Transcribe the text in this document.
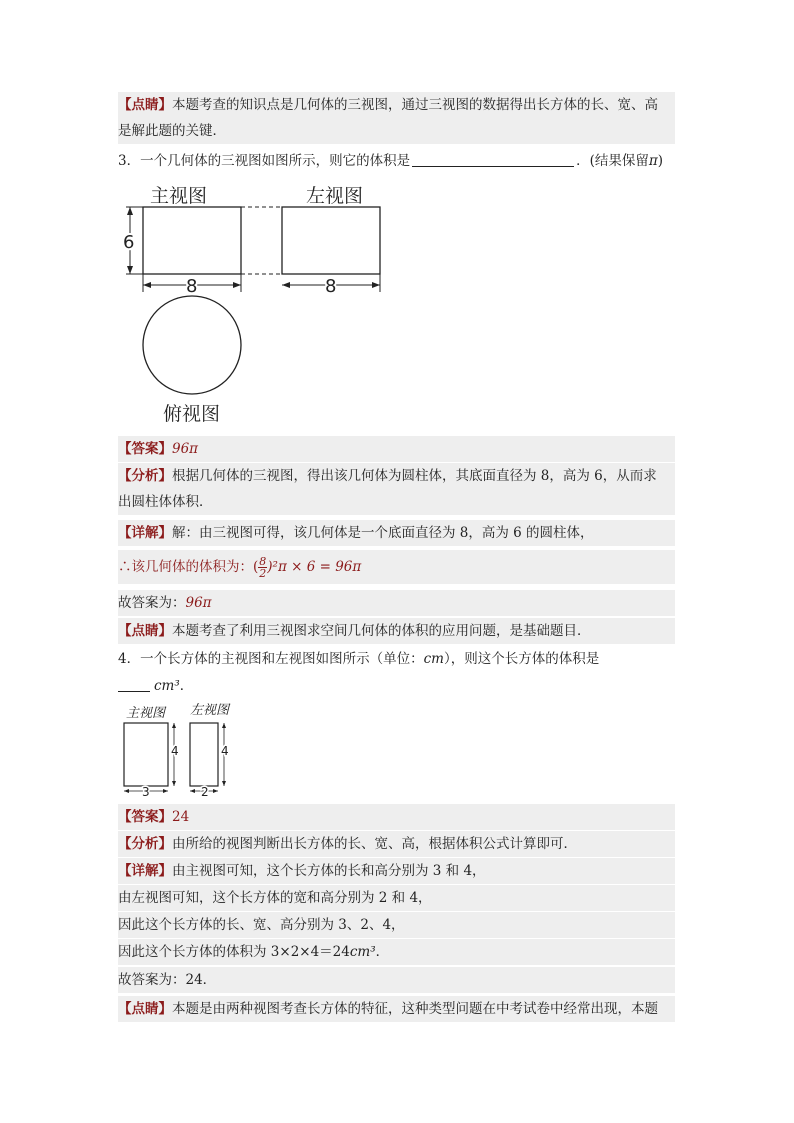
【点睛】本题考查的知识点是几何体的三视图，通过三视图的数据得出长方体的长、宽、高
是解此题的关键．
3．一个几何体的三视图如图所示，则它的体积是	．(结果保留π)
主视图	左视图
6
8	8
俯视图
【答案】96π
【分析】根据几何体的三视图，得出该几何体为圆柱体，其底面直径为 8，高为 6，从而求
出圆柱体体积．
【详解】解：由三视图可得，该几何体是一个底面直径为 8，高为 6 的圆柱体，
∴该几何体的体积为：( $\frac{8}{2} )^2\pi \times 6 = 96\pi$
故答案为：96π
【点睛】本题考查了利用三视图求空间几何体的体积的应用问题，是基础题目．
4．一个长方体的主视图和左视图如图所示（单位：cm），则这个长方体的体积是
cm³．
主视图 左视图
4
3
4
2
【答案】24
【分析】由所给的视图判断出长方体的长、宽、高，根据体积公式计算即可．
【详解】由主视图可知，这个长方体的长和高分别为 3 和 4，
由左视图可知，这个长方体的宽和高分别为 2 和 4，
因此这个长方体的长、宽、高分别为 3、2、4，
因此这个长方体的体积为 3×2×4＝24cm³．
故答案为：24．
【点睛】本题是由两种视图考查长方体的特征，这种类型问题在中考试卷中经常出现，本题
